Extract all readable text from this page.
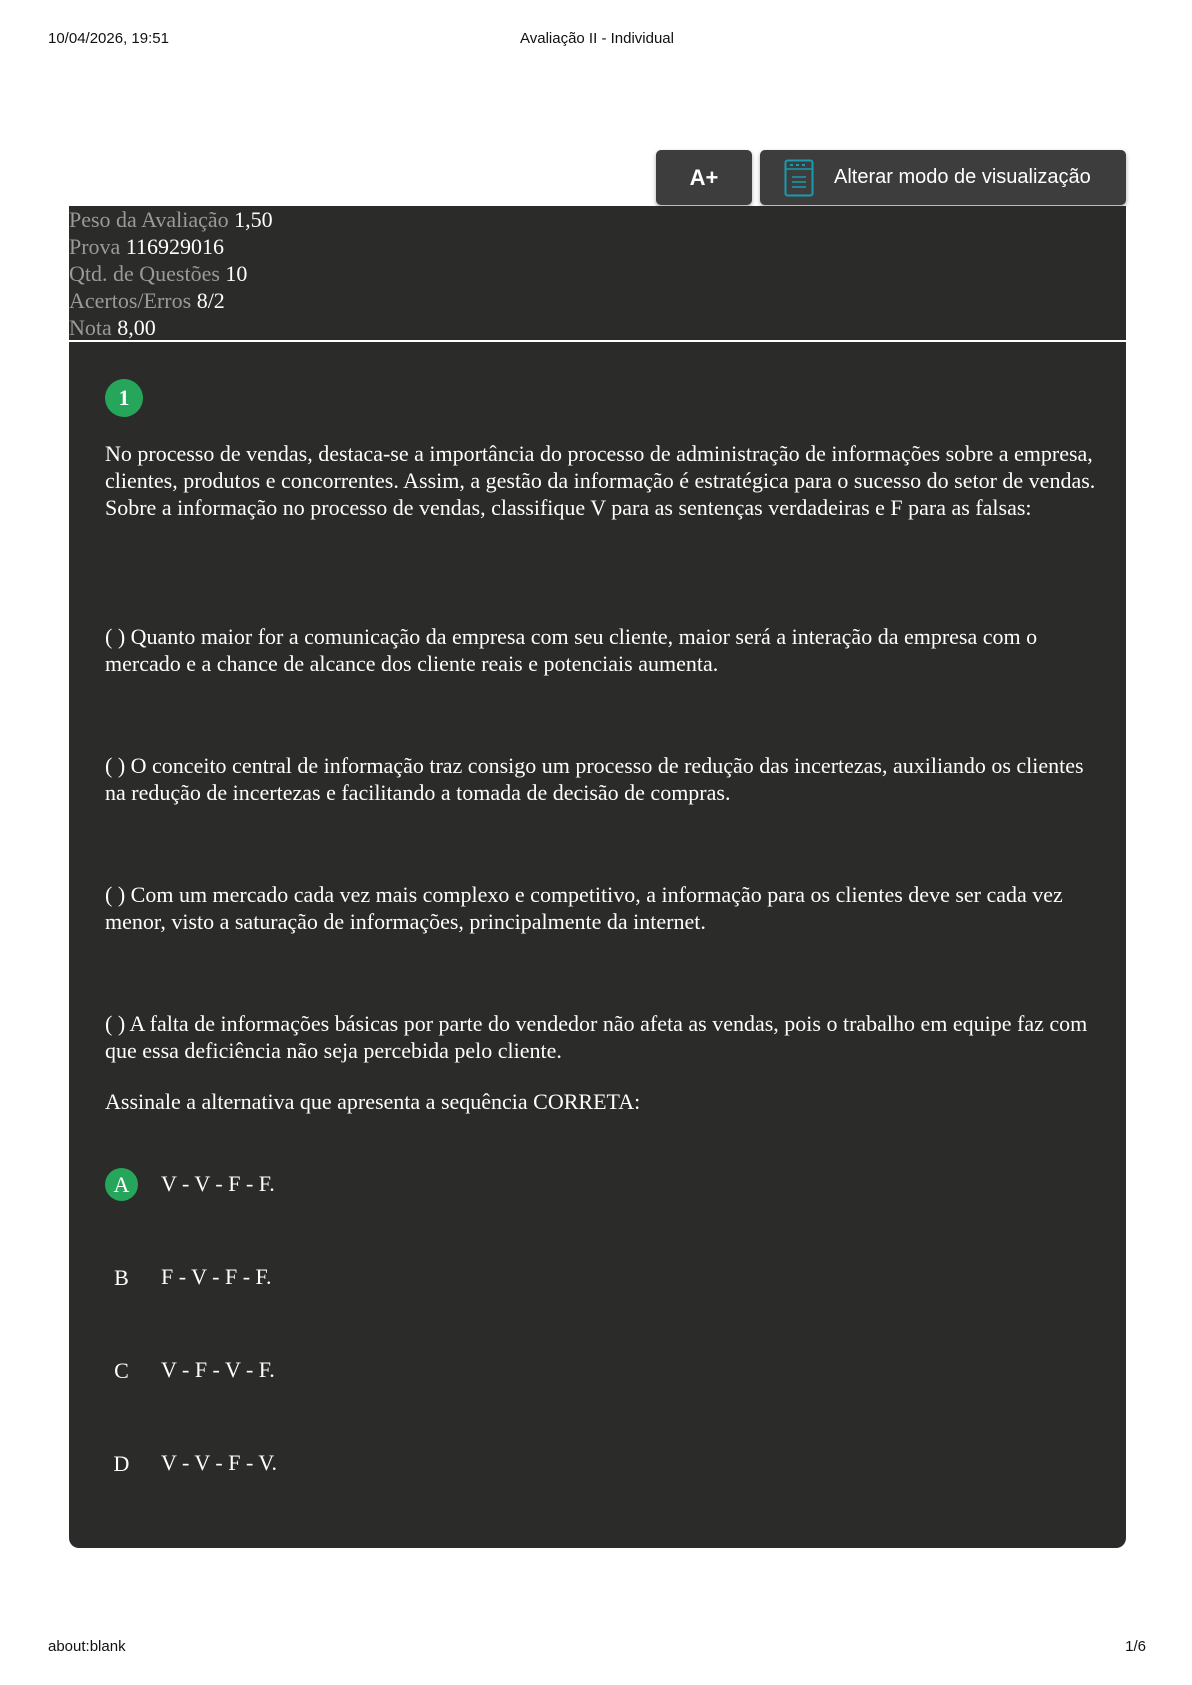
10/04/2026, 19:51	Avaliação II - Individual
A+	Alterar modo de visualização
Peso da Avaliação 1,50
Prova 116929016
Qtd. de Questões 10
Acertos/Erros 8/2
Nota 8,00
1

No processo de vendas, destaca-se a importância do processo de administração de informações sobre a empresa, clientes, produtos e concorrentes. Assim, a gestão da informação é estratégica para o sucesso do setor de vendas. Sobre a informação no processo de vendas, classifique V para as sentenças verdadeiras e F para as falsas:

( ) Quanto maior for a comunicação da empresa com seu cliente, maior será a interação da empresa com o mercado e a chance de alcance dos cliente reais e potenciais aumenta.

( ) O conceito central de informação traz consigo um processo de redução das incertezas, auxiliando os clientes na redução de incertezas e facilitando a tomada de decisão de compras.

( ) Com um mercado cada vez mais complexo e competitivo, a informação para os clientes deve ser cada vez menor, visto a saturação de informações, principalmente da internet.

( ) A falta de informações básicas por parte do vendedor não afeta as vendas, pois o trabalho em equipe faz com que essa deficiência não seja percebida pelo cliente.

Assinale a alternativa que apresenta a sequência CORRETA:

A	V - V - F - F.
B	F - V - F - F.
C	V - F - V - F.
D	V - V - F - V.
about:blank	1/6
